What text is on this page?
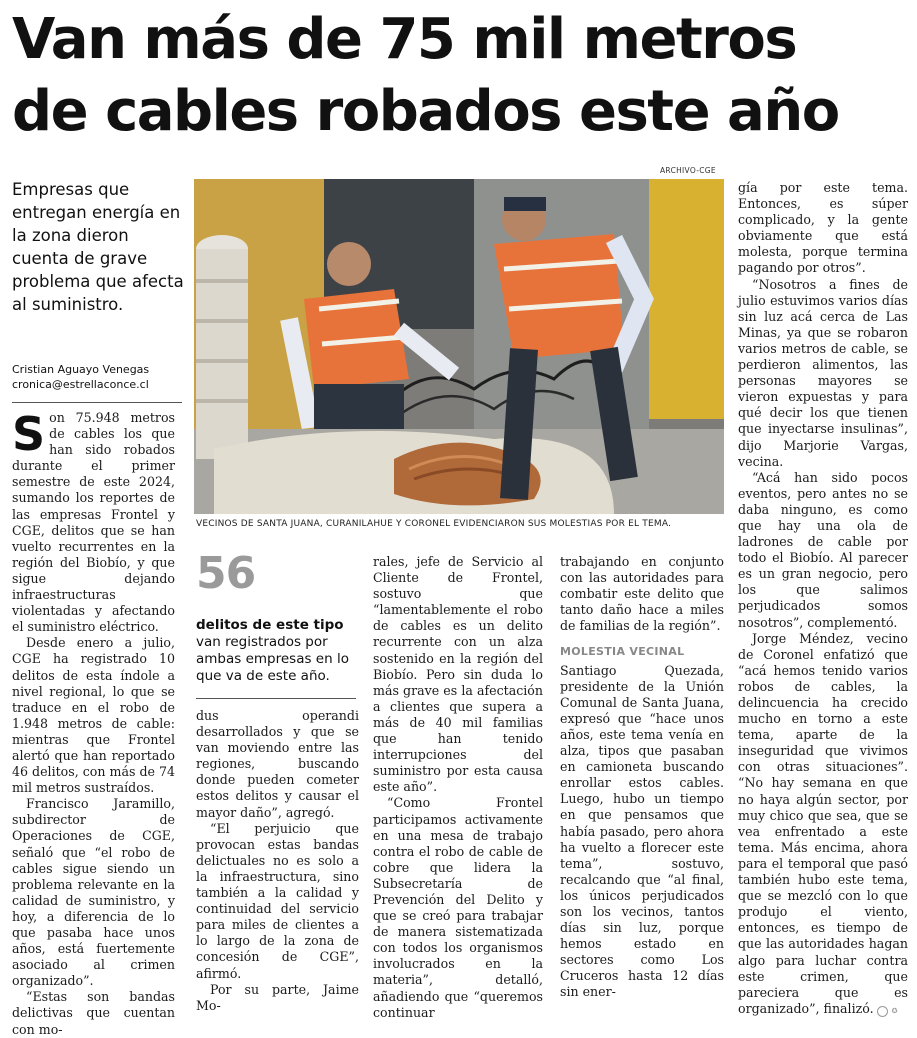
Van más de 75 mil metros
de cables robados este año
Empresas que entregan energía en la zona dieron cuenta de grave problema que afecta al suministro.
Cristian Aguayo Venegas
cronica@estrellaconce.cl
ARCHIVO-CGE
VECINOS DE SANTA JUANA, CURANILAHUE Y CORONEL EVIDENCIARON SUS MOLESTIAS POR EL TEMA.

Son 75.948 metros de cables los que han sido robados durante el primer semestre de este 2024, sumando los reportes de las empresas Frontel y CGE, delitos que se han vuelto recurrentes en la región del Biobío, y que sigue dejando infraestructuras violentadas y afectando el suministro eléctrico.

Desde enero a julio, CGE ha registrado 10 delitos de esta índole a nivel regional, lo que se traduce en el robo de 1.948 metros de cable: mientras que Frontel alertó que han reportado 46 delitos, con más de 74 mil metros sustraídos.

Francisco Jaramillo, subdirector de Operaciones de CGE, señaló que “el robo de cables sigue siendo un problema relevante en la calidad de suministro, y hoy, a diferencia de lo que pasaba hace unos años, está fuertemente asociado al crimen organizado”.

“Estas son bandas delictivas que cuentan con mo-

56
delitos de este tipo van registrados por ambas empresas en lo que va de este año.

dus operandi desarrollados y que se van moviendo entre las regiones, buscando donde pueden cometer estos delitos y causar el mayor daño”, agregó.

“El perjuicio que provocan estas bandas delictuales no es solo a la infraestructura, sino también a la calidad y continuidad del servicio para miles de clientes a lo largo de la zona de concesión de CGE”, afirmó.

Por su parte, Jaime Mo-

rales, jefe de Servicio al Cliente de Frontel, sostuvo que “lamentablemente el robo de cables es un delito recurrente con un alza sostenido en la región del Biobío. Pero sin duda lo más grave es la afectación a clientes que supera a más de 40 mil familias que han tenido interrupciones del suministro por esta causa este año”.

“Como Frontel participamos activamente en una mesa de trabajo contra el robo de cable de cobre que lidera la Subsecretaría de Prevención del Delito y que se creó para trabajar de manera sistematizada con todos los organismos involucrados en la materia”, detalló, añadiendo que “queremos continuar

trabajando en conjunto con las autoridades para combatir este delito que tanto daño hace a miles de familias de la región”.

MOLESTIA VECINAL

Santiago Quezada, presidente de la Unión Comunal de Santa Juana, expresó que “hace unos años, este tema venía en alza, tipos que pasaban en camioneta buscando enrollar estos cables. Luego, hubo un tiempo en que pensamos que había pasado, pero ahora ha vuelto a florecer este tema”, sostuvo, recalcando que “al final, los únicos perjudicados son los vecinos, tantos días sin luz, porque hemos estado en sectores como Los Cruceros hasta 12 días sin ener-

gía por este tema. Entonces, es súper complicado, y la gente obviamente que está molesta, porque termina pagando por otros”.

“Nosotros a fines de julio estuvimos varios días sin luz acá cerca de Las Minas, ya que se robaron varios metros de cable, se perdieron alimentos, las personas mayores se vieron expuestas y para qué decir los que tienen que inyectarse insulinas”, dijo Marjorie Vargas, vecina.

“Acá han sido pocos eventos, pero antes no se daba ninguno, es como que hay una ola de ladrones de cable por todo el Biobío. Al parecer es un gran negocio, pero los que salimos perjudicados somos nosotros”, complementó.

Jorge Méndez, vecino de Coronel enfatizó que “acá hemos tenido varios robos de cables, la delincuencia ha crecido mucho en torno a este tema, aparte de la inseguridad que vivimos con otras situaciones”. “No hay semana en que no haya algún sector, por muy chico que sea, que se vea enfrentado a este tema. Más encima, ahora para el temporal que pasó también hubo este tema, que se mezcló con lo que produjo el viento, entonces, es tiempo de que las autoridades hagan algo para luchar contra este crimen, que pareciera que es organizado”, finalizó.	✪
